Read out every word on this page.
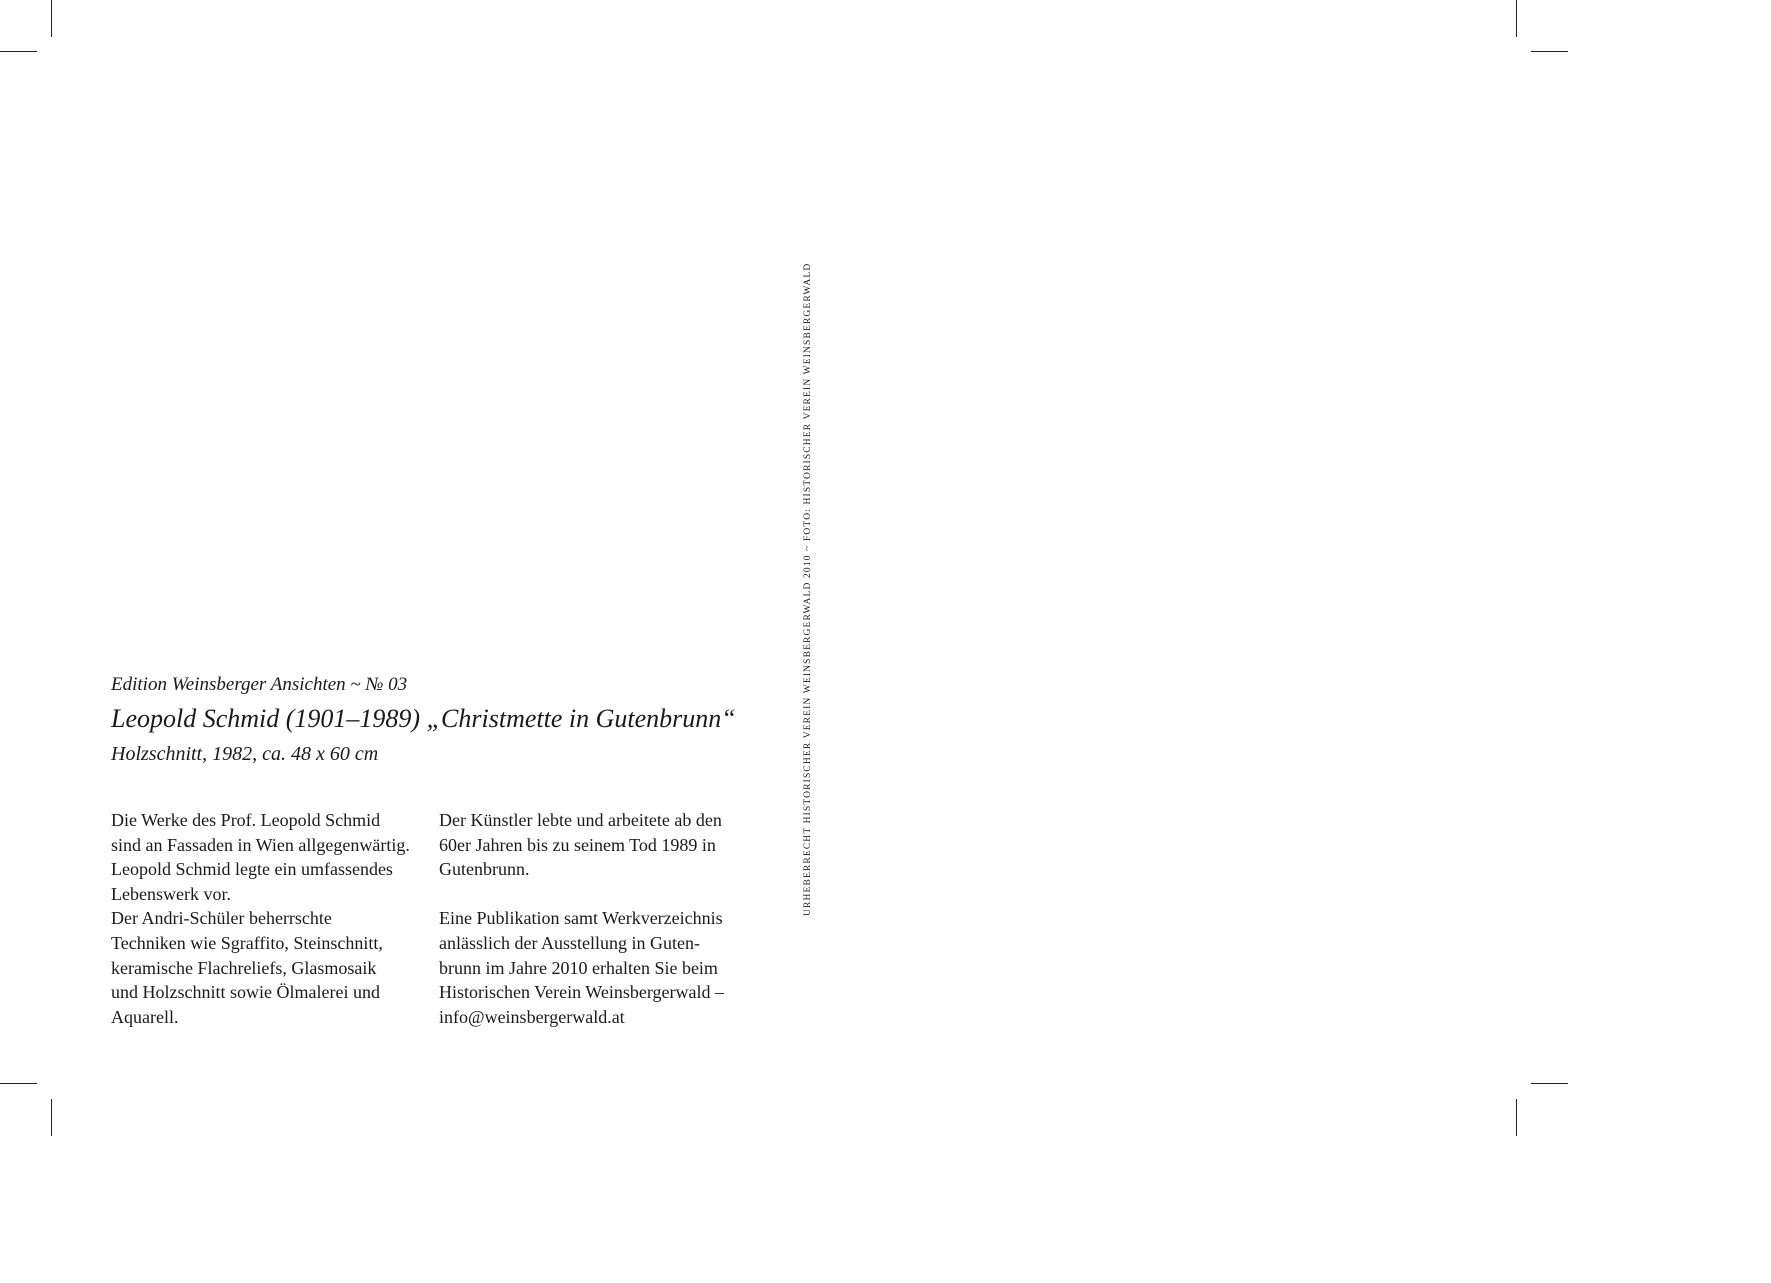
Edition Weinsberger Ansichten ~ № 03
Leopold Schmid (1901–1989) „Christmette in Gutenbrunn“
Holzschnitt, 1982, ca. 48 x 60 cm
Die Werke des Prof. Leopold Schmid
sind an Fassaden in Wien allgegenwärtig.
Leopold Schmid legte ein umfassendes
Lebenswerk vor.
Der Andri-Schüler beherrschte
Techniken wie Sgraffito, Steinschnitt,
keramische Flachreliefs, Glasmosaik
und Holzschnitt sowie Ölmalerei und
Aquarell.
Der Künstler lebte und arbeitete ab den
60er Jahren bis zu seinem Tod 1989 in
Gutenbrunn.
Eine Publikation samt Werkverzeichnis
anlässlich der Ausstellung in Guten-
brunn im Jahre 2010 erhalten Sie beim
Historischen Verein Weinsbergerwald –
info@weinsbergerwald.at
URHEBERRECHT HISTORISCHER VEREIN WEINSBERGERWALD 2010 ~ FOTO: HISTORISCHER VEREIN WEINSBERGERWALD
